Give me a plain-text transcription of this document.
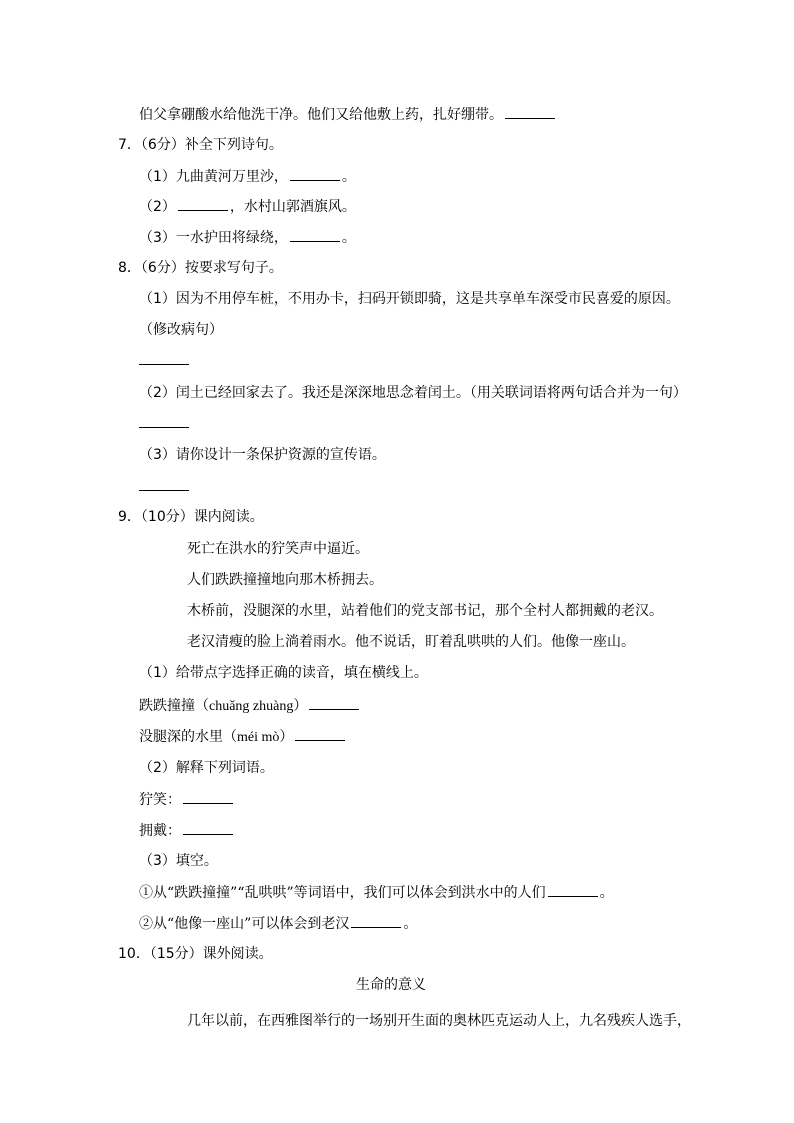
伯父拿硼酸水给他洗干净。他们又给他敷上药，扎好绷带。
7．（6分）补全下列诗句。
（1）九曲黄河万里沙，	。
（2）	，水村山郭酒旗风。
（3）一水护田将绿绕，	。
8．（6分）按要求写句子。
（1）因为不用停车桩，不用办卡，扫码开锁即骑，这是共享单车深受市民喜爱的原因。
（修改病句）
（2）闰土已经回家去了。我还是深深地思念着闰土。（用关联词语将两句话合并为一句）
（3）请你设计一条保护资源的宣传语。
9．（10分）课内阅读。
死亡在洪水的狞笑声中逼近。
人们跌跌撞撞地向那木桥拥去。
木桥前，没腿深的水里，站着他们的党支部书记，那个全村人都拥戴的老汉。
老汉清瘦的脸上淌着雨水。他不说话，盯着乱哄哄的人们。他像一座山。
（1）给带点字选择正确的读音，填在横线上。
跌跌撞撞（chuǎng zhuàng）
没腿深的水里（méi mò）
（2）解释下列词语。
狞笑：
拥戴：
（3）填空。
①从“跌跌撞撞”“乱哄哄”等词语中，我们可以体会到洪水中的人们	。
②从“他像一座山”可以体会到老汉	。
10．（15分）课外阅读。
生命的意义
几年以前，在西雅图举行的一场别开生面的奥林匹克运动人上，九名残疾人选手，
